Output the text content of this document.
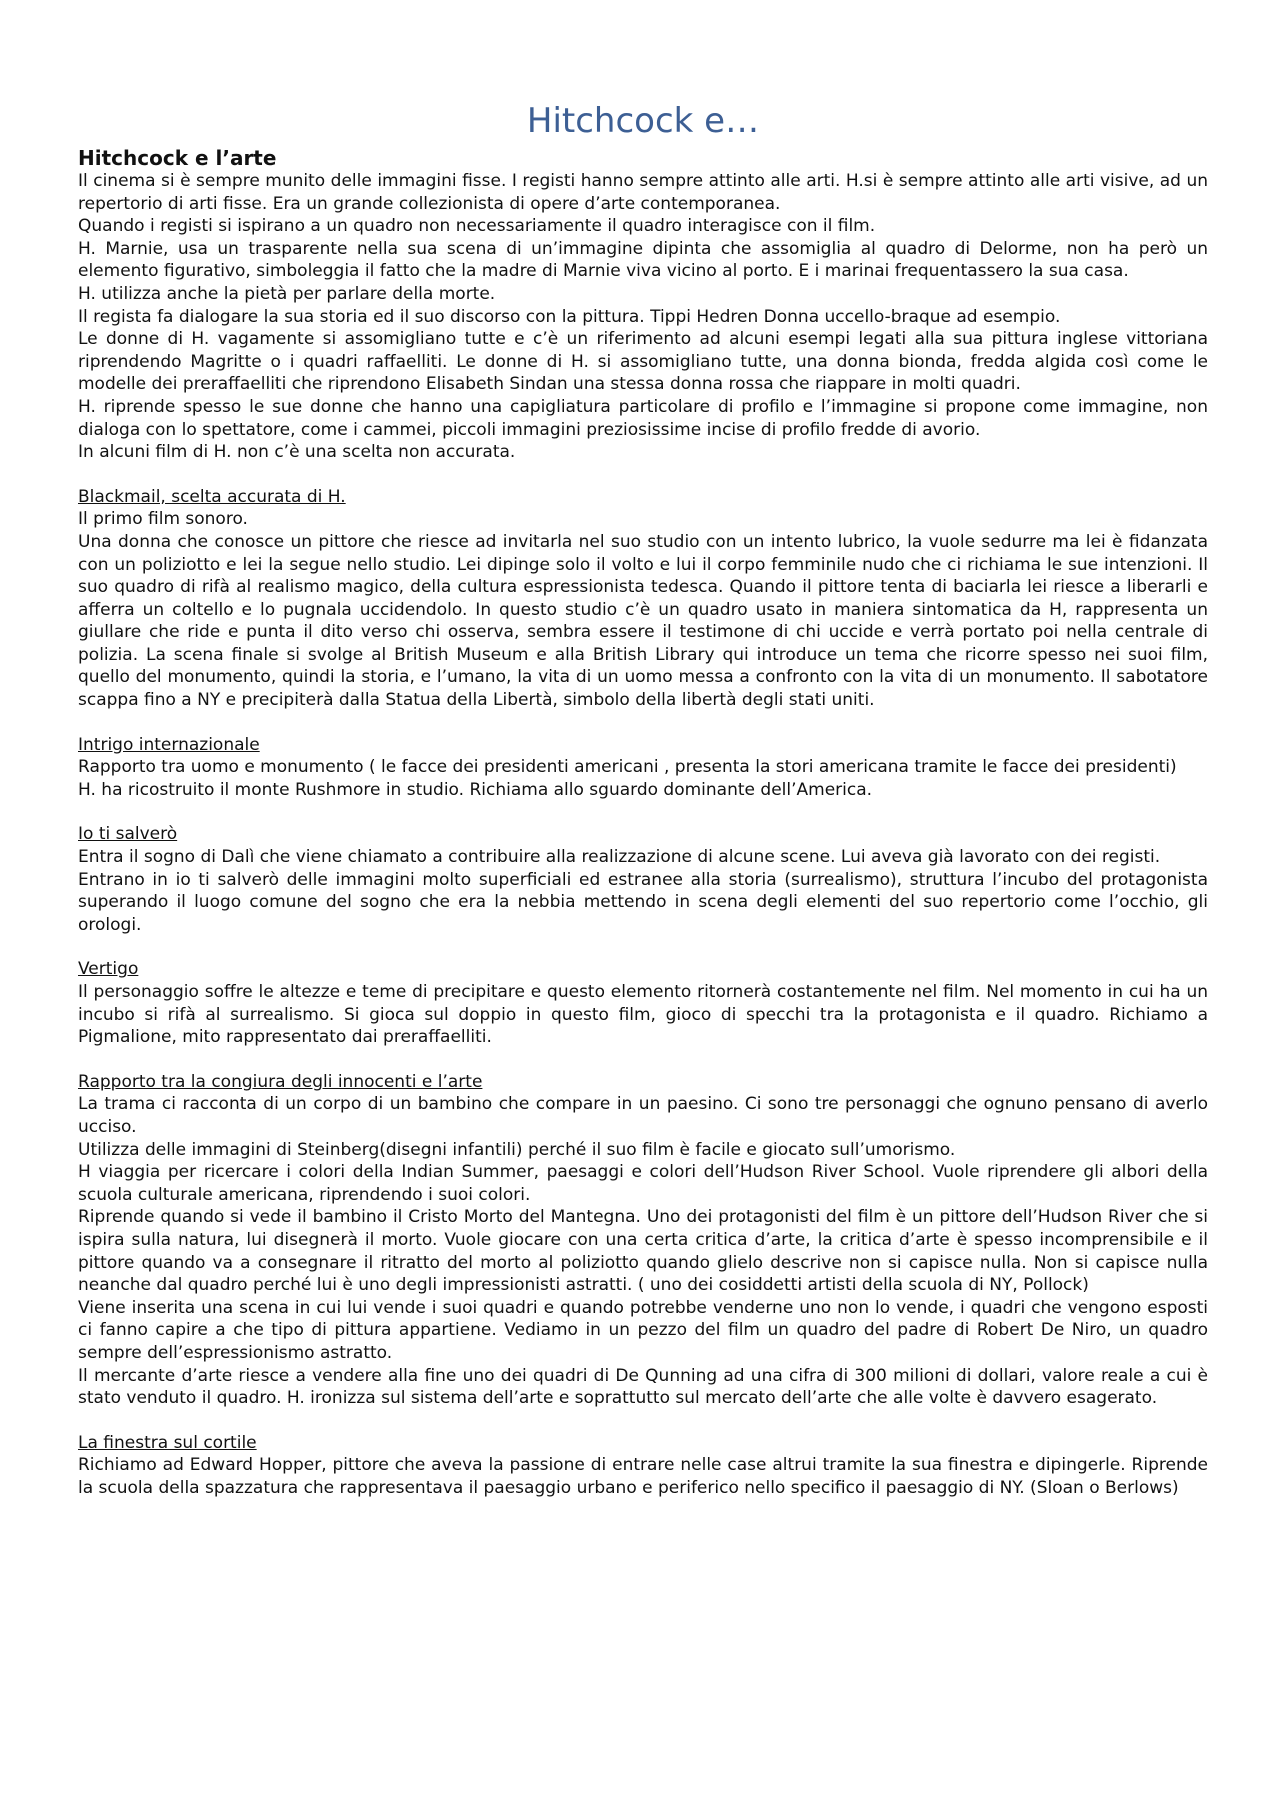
Hitchcock e…
Hitchcock e l’arte

Il cinema si è sempre munito delle immagini fisse. I registi hanno sempre attinto alle arti. H.si è sempre attinto alle arti visive, ad un repertorio di arti fisse. Era un grande collezionista di opere d’arte contemporanea.

Quando i registi si ispirano a un quadro non necessariamente il quadro interagisce con il film.

H. Marnie, usa un trasparente nella sua scena di un’immagine dipinta che assomiglia al quadro di Delorme, non ha però un elemento figurativo, simboleggia il fatto che la madre di Marnie viva vicino al porto. E i marinai frequentassero la sua casa.

H. utilizza anche la pietà per parlare della morte.

Il regista fa dialogare la sua storia ed il suo discorso con la pittura. Tippi Hedren Donna uccello-braque ad esempio.

Le donne di H. vagamente si assomigliano tutte e c’è un riferimento ad alcuni esempi legati alla sua pittura inglese vittoriana riprendendo Magritte o i quadri raffaelliti. Le donne di H. si assomigliano tutte, una donna bionda, fredda algida così come le modelle dei preraffaelliti che riprendono Elisabeth Sindan una stessa donna rossa che riappare in molti quadri.

H. riprende spesso le sue donne che hanno una capigliatura particolare di profilo e l’immagine si propone come immagine, non dialoga con lo spettatore, come i cammei, piccoli immagini preziosissime incise di profilo fredde di avorio.

In alcuni film di H. non c’è una scelta non accurata.

Blackmail, scelta accurata di H.

Il primo film sonoro.

Una donna che conosce un pittore che riesce ad invitarla nel suo studio con un intento lubrico, la vuole sedurre ma lei è fidanzata con un poliziotto e lei la segue nello studio. Lei dipinge solo il volto e lui il corpo femminile nudo che ci richiama le sue intenzioni. Il suo quadro di rifà al realismo magico, della cultura espressionista tedesca. Quando il pittore tenta di baciarla lei riesce a liberarli e afferra un coltello e lo pugnala uccidendolo. In questo studio c’è un quadro usato in maniera sintomatica da H, rappresenta un giullare che ride e punta il dito verso chi osserva, sembra essere il testimone di chi uccide e verrà portato poi nella centrale di polizia. La scena finale si svolge al British Museum e alla British Library qui introduce un tema che ricorre spesso nei suoi film, quello del monumento, quindi la storia, e l’umano, la vita di un uomo messa a confronto con la vita di un monumento. Il sabotatore scappa fino a NY e precipiterà dalla Statua della Libertà, simbolo della libertà degli stati uniti.

Intrigo internazionale

Rapporto tra uomo e monumento ( le facce dei presidenti americani , presenta la stori americana tramite le facce dei presidenti)

H. ha ricostruito il monte Rushmore in studio. Richiama allo sguardo dominante dell’America.

Io ti salverò

Entra il sogno di Dalì che viene chiamato a contribuire alla realizzazione di alcune scene. Lui aveva già lavorato con dei registi.

Entrano in io ti salverò delle immagini molto superficiali ed estranee alla storia (surrealismo), struttura l’incubo del protagonista superando il luogo comune del sogno che era la nebbia mettendo in scena degli elementi del suo repertorio come l’occhio, gli orologi.

Vertigo

Il personaggio soffre le altezze e teme di precipitare e questo elemento ritornerà costantemente nel film. Nel momento in cui ha un incubo si rifà al surrealismo. Si gioca sul doppio in questo film, gioco di specchi tra la protagonista e il quadro. Richiamo a Pigmalione, mito rappresentato dai preraffaelliti.

Rapporto tra la congiura degli innocenti e l’arte

La trama ci racconta di un corpo di un bambino che compare in un paesino. Ci sono tre personaggi che ognuno pensano di averlo ucciso.

Utilizza delle immagini di Steinberg(disegni infantili) perché il suo film è facile e giocato sull’umorismo.

H viaggia per ricercare i colori della Indian Summer, paesaggi e colori dell’Hudson River School. Vuole riprendere gli albori della scuola culturale americana, riprendendo i suoi colori.

Riprende quando si vede il bambino il Cristo Morto del Mantegna. Uno dei protagonisti del film è un pittore dell’Hudson River che si ispira sulla natura, lui disegnerà il morto. Vuole giocare con una certa critica d’arte, la critica d’arte è spesso incomprensibile e il pittore quando va a consegnare il ritratto del morto al poliziotto quando glielo descrive non si capisce nulla. Non si capisce nulla neanche dal quadro perché lui è uno degli impressionisti astratti. ( uno dei cosiddetti artisti della scuola di NY, Pollock)

Viene inserita una scena in cui lui vende i suoi quadri e quando potrebbe venderne uno non lo vende, i quadri che vengono esposti ci fanno capire a che tipo di pittura appartiene. Vediamo in un pezzo del film un quadro del padre di Robert De Niro, un quadro sempre dell’espressionismo astratto.

Il mercante d’arte riesce a vendere alla fine uno dei quadri di De Qunning ad una cifra di 300 milioni di dollari, valore reale a cui è stato venduto il quadro. H. ironizza sul sistema dell’arte e soprattutto sul mercato dell’arte che alle volte è davvero esagerato.

La finestra sul cortile

Richiamo ad Edward Hopper, pittore che aveva la passione di entrare nelle case altrui tramite la sua finestra e dipingerle. Riprende la scuola della spazzatura che rappresentava il paesaggio urbano e periferico nello specifico il paesaggio di NY. (Sloan o Berlows)
